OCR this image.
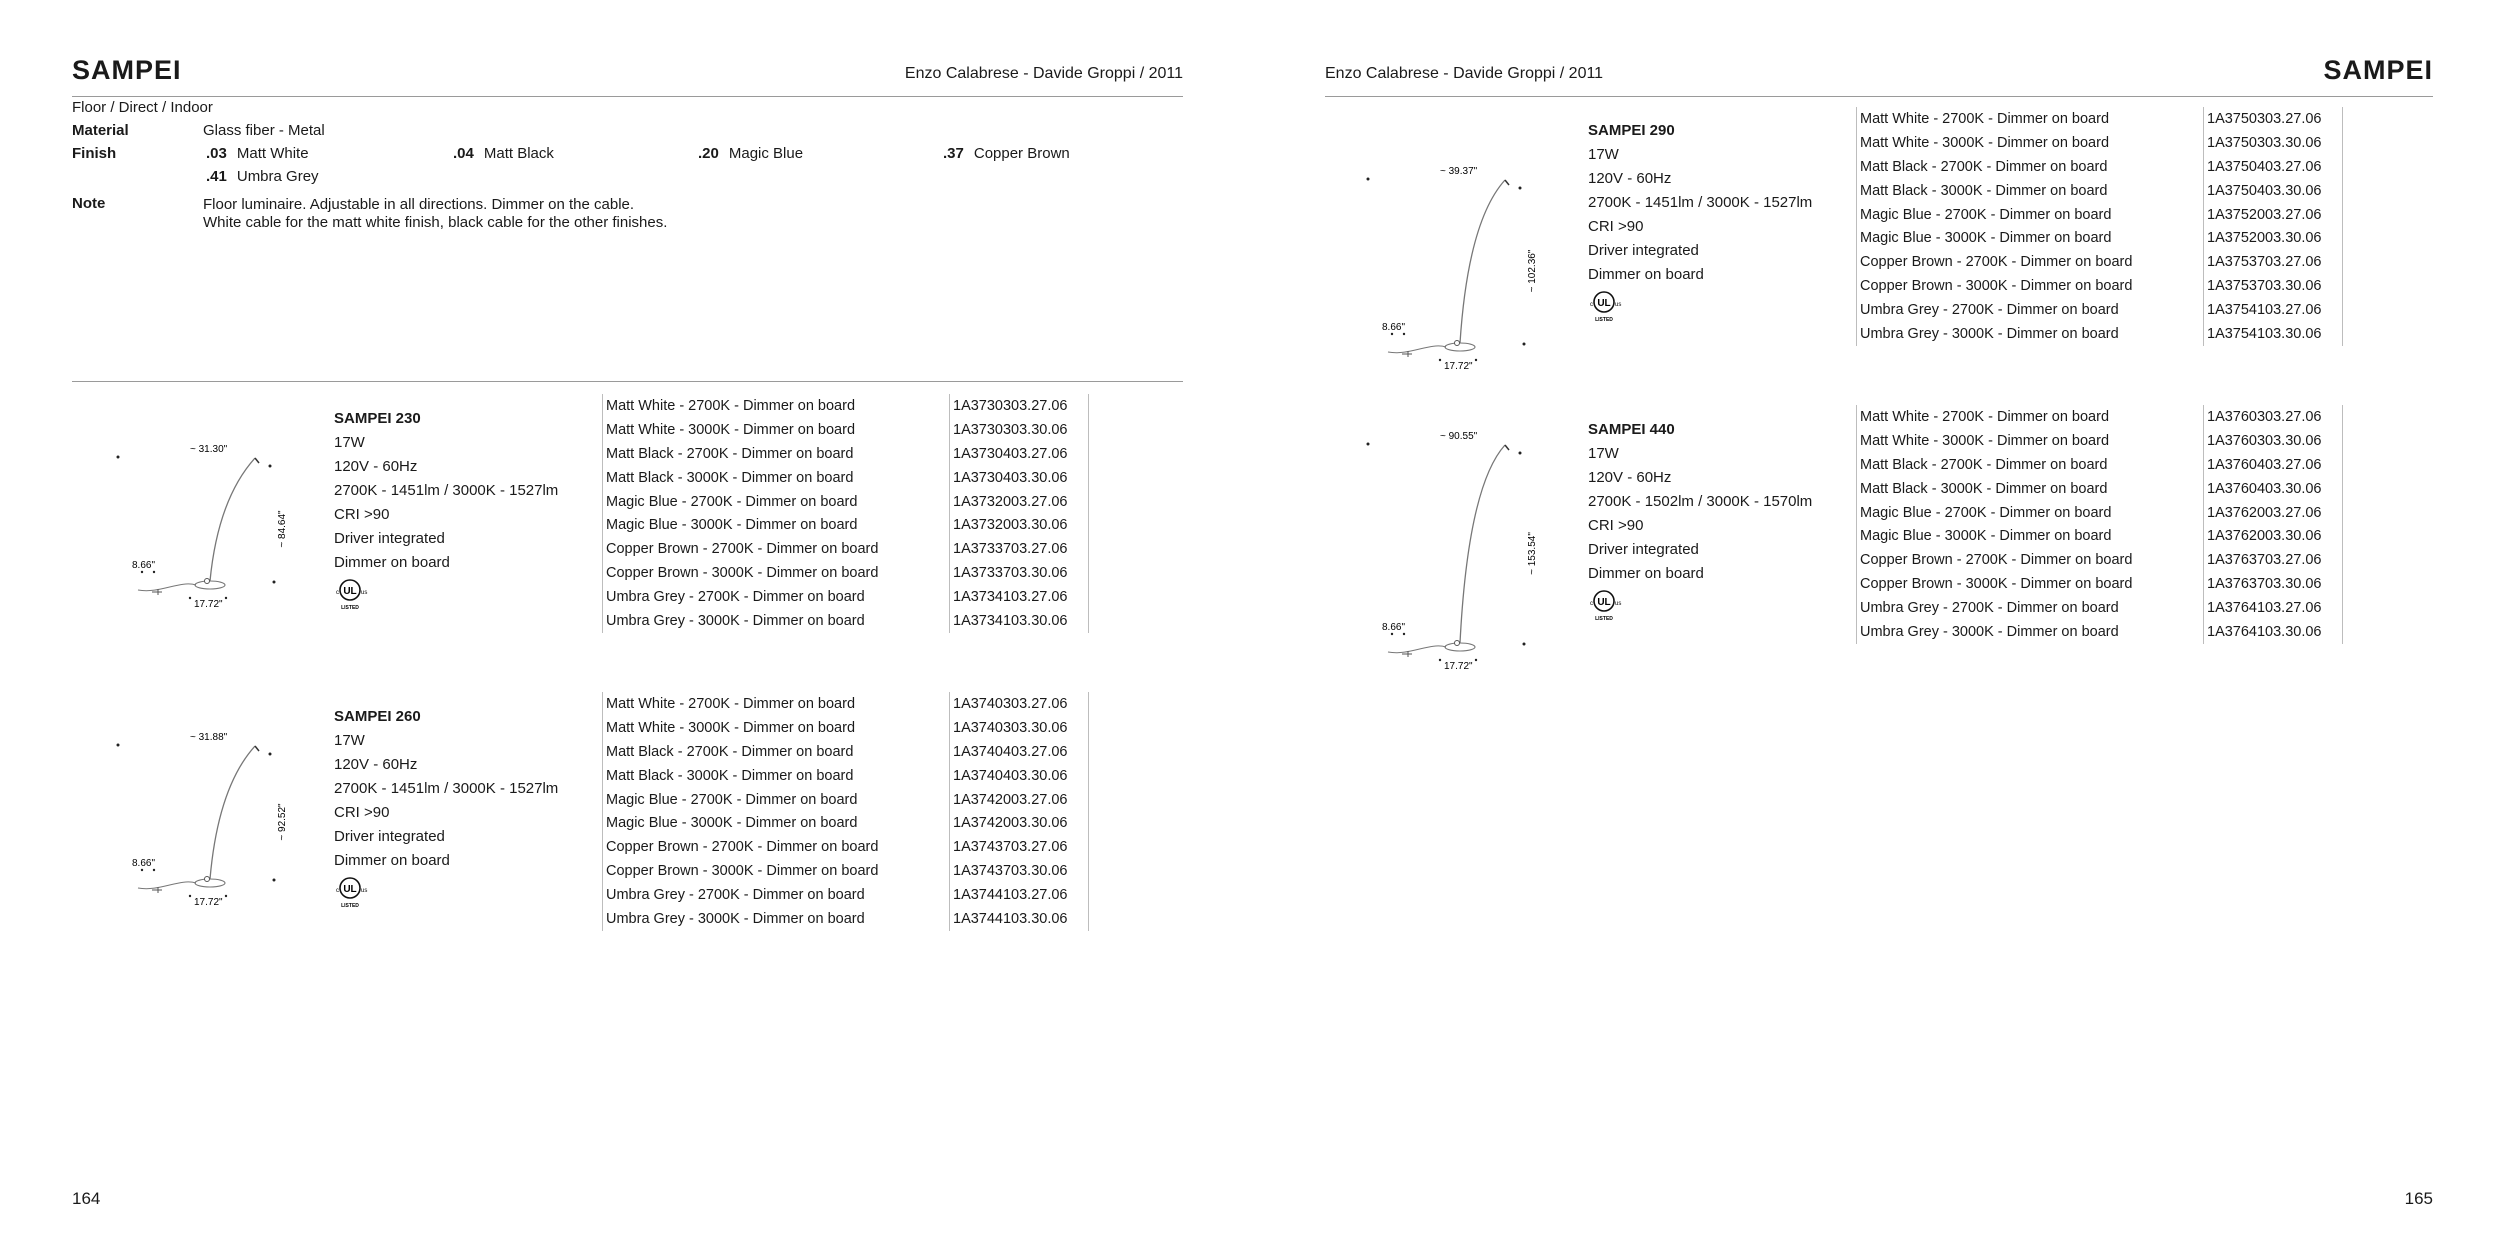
SAMPEI	Enzo Calabrese - Davide Groppi / 2011
Floor / Direct / Indoor
Material	Glass fiber - Metal
Finish	.03 Matt White	.04 Matt Black	.20 Magic Blue	.37 Copper Brown
.41 Umbra Grey
Note	Floor luminaire. Adjustable in all directions. Dimmer on the cable.
White cable for the matt white finish, black cable for the other finishes.
~ 31.30"
~ 84.64"
8.66"
17.72"
SAMPEI 230
17W
120V - 60Hz
2700K - 1451lm / 3000K - 1527lm
CRI >90
Driver integrated
Dimmer on board
UL
c	us
LISTED
Matt White - 2700K - Dimmer on board	1A3730303.27.06
Matt White - 3000K - Dimmer on board	1A3730303.30.06
Matt Black - 2700K - Dimmer on board	1A3730403.27.06
Matt Black - 3000K - Dimmer on board	1A3730403.30.06
Magic Blue - 2700K - Dimmer on board	1A3732003.27.06
Magic Blue - 3000K - Dimmer on board	1A3732003.30.06
Copper Brown - 2700K - Dimmer on board	1A3733703.27.06
Copper Brown - 3000K - Dimmer on board	1A3733703.30.06
Umbra Grey - 2700K - Dimmer on board	1A3734103.27.06
Umbra Grey - 3000K - Dimmer on board	1A3734103.30.06
~ 31.88"
~ 92.52"
8.66"
17.72"
SAMPEI 260
17W
120V - 60Hz
2700K - 1451lm / 3000K - 1527lm
CRI >90
Driver integrated
Dimmer on board
UL
c	us
LISTED
Matt White - 2700K - Dimmer on board	1A3740303.27.06
Matt White - 3000K - Dimmer on board	1A3740303.30.06
Matt Black - 2700K - Dimmer on board	1A3740403.27.06
Matt Black - 3000K - Dimmer on board	1A3740403.30.06
Magic Blue - 2700K - Dimmer on board	1A3742003.27.06
Magic Blue - 3000K - Dimmer on board	1A3742003.30.06
Copper Brown - 2700K - Dimmer on board	1A3743703.27.06
Copper Brown - 3000K - Dimmer on board	1A3743703.30.06
Umbra Grey - 2700K - Dimmer on board	1A3744103.27.06
Umbra Grey - 3000K - Dimmer on board	1A3744103.30.06
164
Enzo Calabrese - Davide Groppi / 2011	SAMPEI
~ 39.37"
~ 102.36"
8.66"
17.72"
SAMPEI 290
17W
120V - 60Hz
2700K - 1451lm / 3000K - 1527lm
CRI >90
Driver integrated
Dimmer on board
UL
c	us
LISTED
Matt White - 2700K - Dimmer on board	1A3750303.27.06
Matt White - 3000K - Dimmer on board	1A3750303.30.06
Matt Black - 2700K - Dimmer on board	1A3750403.27.06
Matt Black - 3000K - Dimmer on board	1A3750403.30.06
Magic Blue - 2700K - Dimmer on board	1A3752003.27.06
Magic Blue - 3000K - Dimmer on board	1A3752003.30.06
Copper Brown - 2700K - Dimmer on board	1A3753703.27.06
Copper Brown - 3000K - Dimmer on board	1A3753703.30.06
Umbra Grey - 2700K - Dimmer on board	1A3754103.27.06
Umbra Grey - 3000K - Dimmer on board	1A3754103.30.06
~ 90.55"
~ 153.54"
8.66"
17.72"
SAMPEI 440
17W
120V - 60Hz
2700K - 1502lm / 3000K - 1570lm
CRI >90
Driver integrated
Dimmer on board
UL
c	us
LISTED
Matt White - 2700K - Dimmer on board	1A3760303.27.06
Matt White - 3000K - Dimmer on board	1A3760303.30.06
Matt Black - 2700K - Dimmer on board	1A3760403.27.06
Matt Black - 3000K - Dimmer on board	1A3760403.30.06
Magic Blue - 2700K - Dimmer on board	1A3762003.27.06
Magic Blue - 3000K - Dimmer on board	1A3762003.30.06
Copper Brown - 2700K - Dimmer on board	1A3763703.27.06
Copper Brown - 3000K - Dimmer on board	1A3763703.30.06
Umbra Grey - 2700K - Dimmer on board	1A3764103.27.06
Umbra Grey - 3000K - Dimmer on board	1A3764103.30.06
165
